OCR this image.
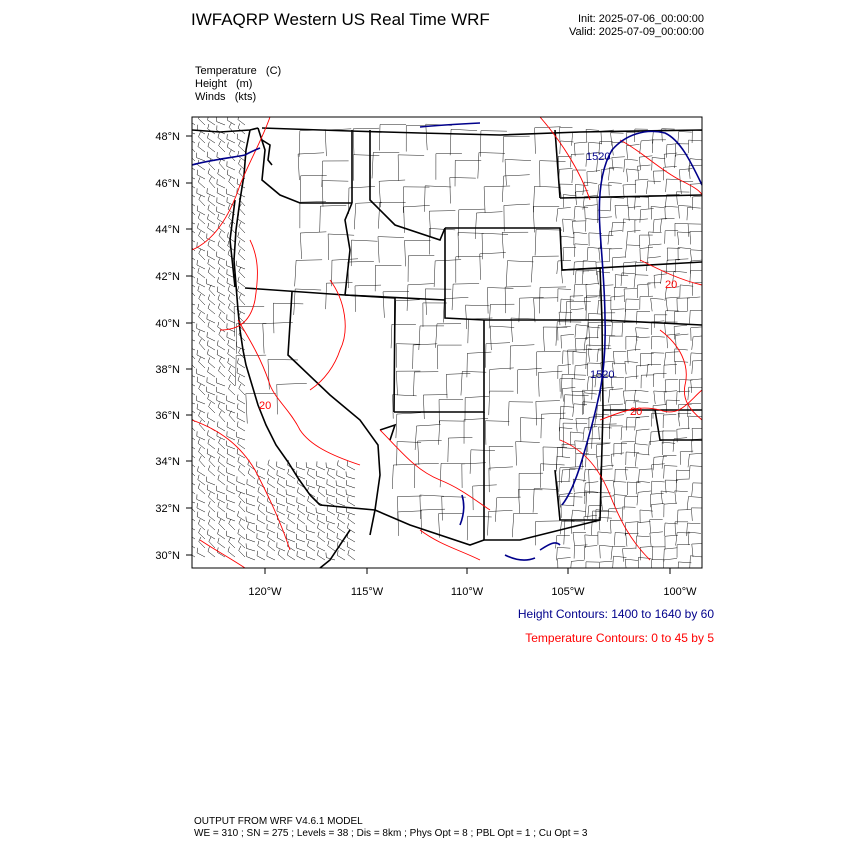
IWFAQRP Western US Real Time WRF	Init: 2025-07-06_00:00:00
Valid: 2025-07-09_00:00:00
Temperature   (C)
Height   (m)
Winds   (kts)
1520
1520
20
20	20
48°N
46°N
44°N
42°N
40°N
38°N
36°N
34°N
32°N
30°N
120°W	115°W	110°W	105°W	100°W
Height Contours: 1400 to 1640 by 60
Temperature Contours: 0 to 45 by 5
OUTPUT FROM WRF V4.6.1 MODEL
WE = 310 ; SN = 275 ; Levels = 38 ; Dis = 8km ; Phys Opt = 8 ; PBL Opt = 1 ; Cu Opt = 3
